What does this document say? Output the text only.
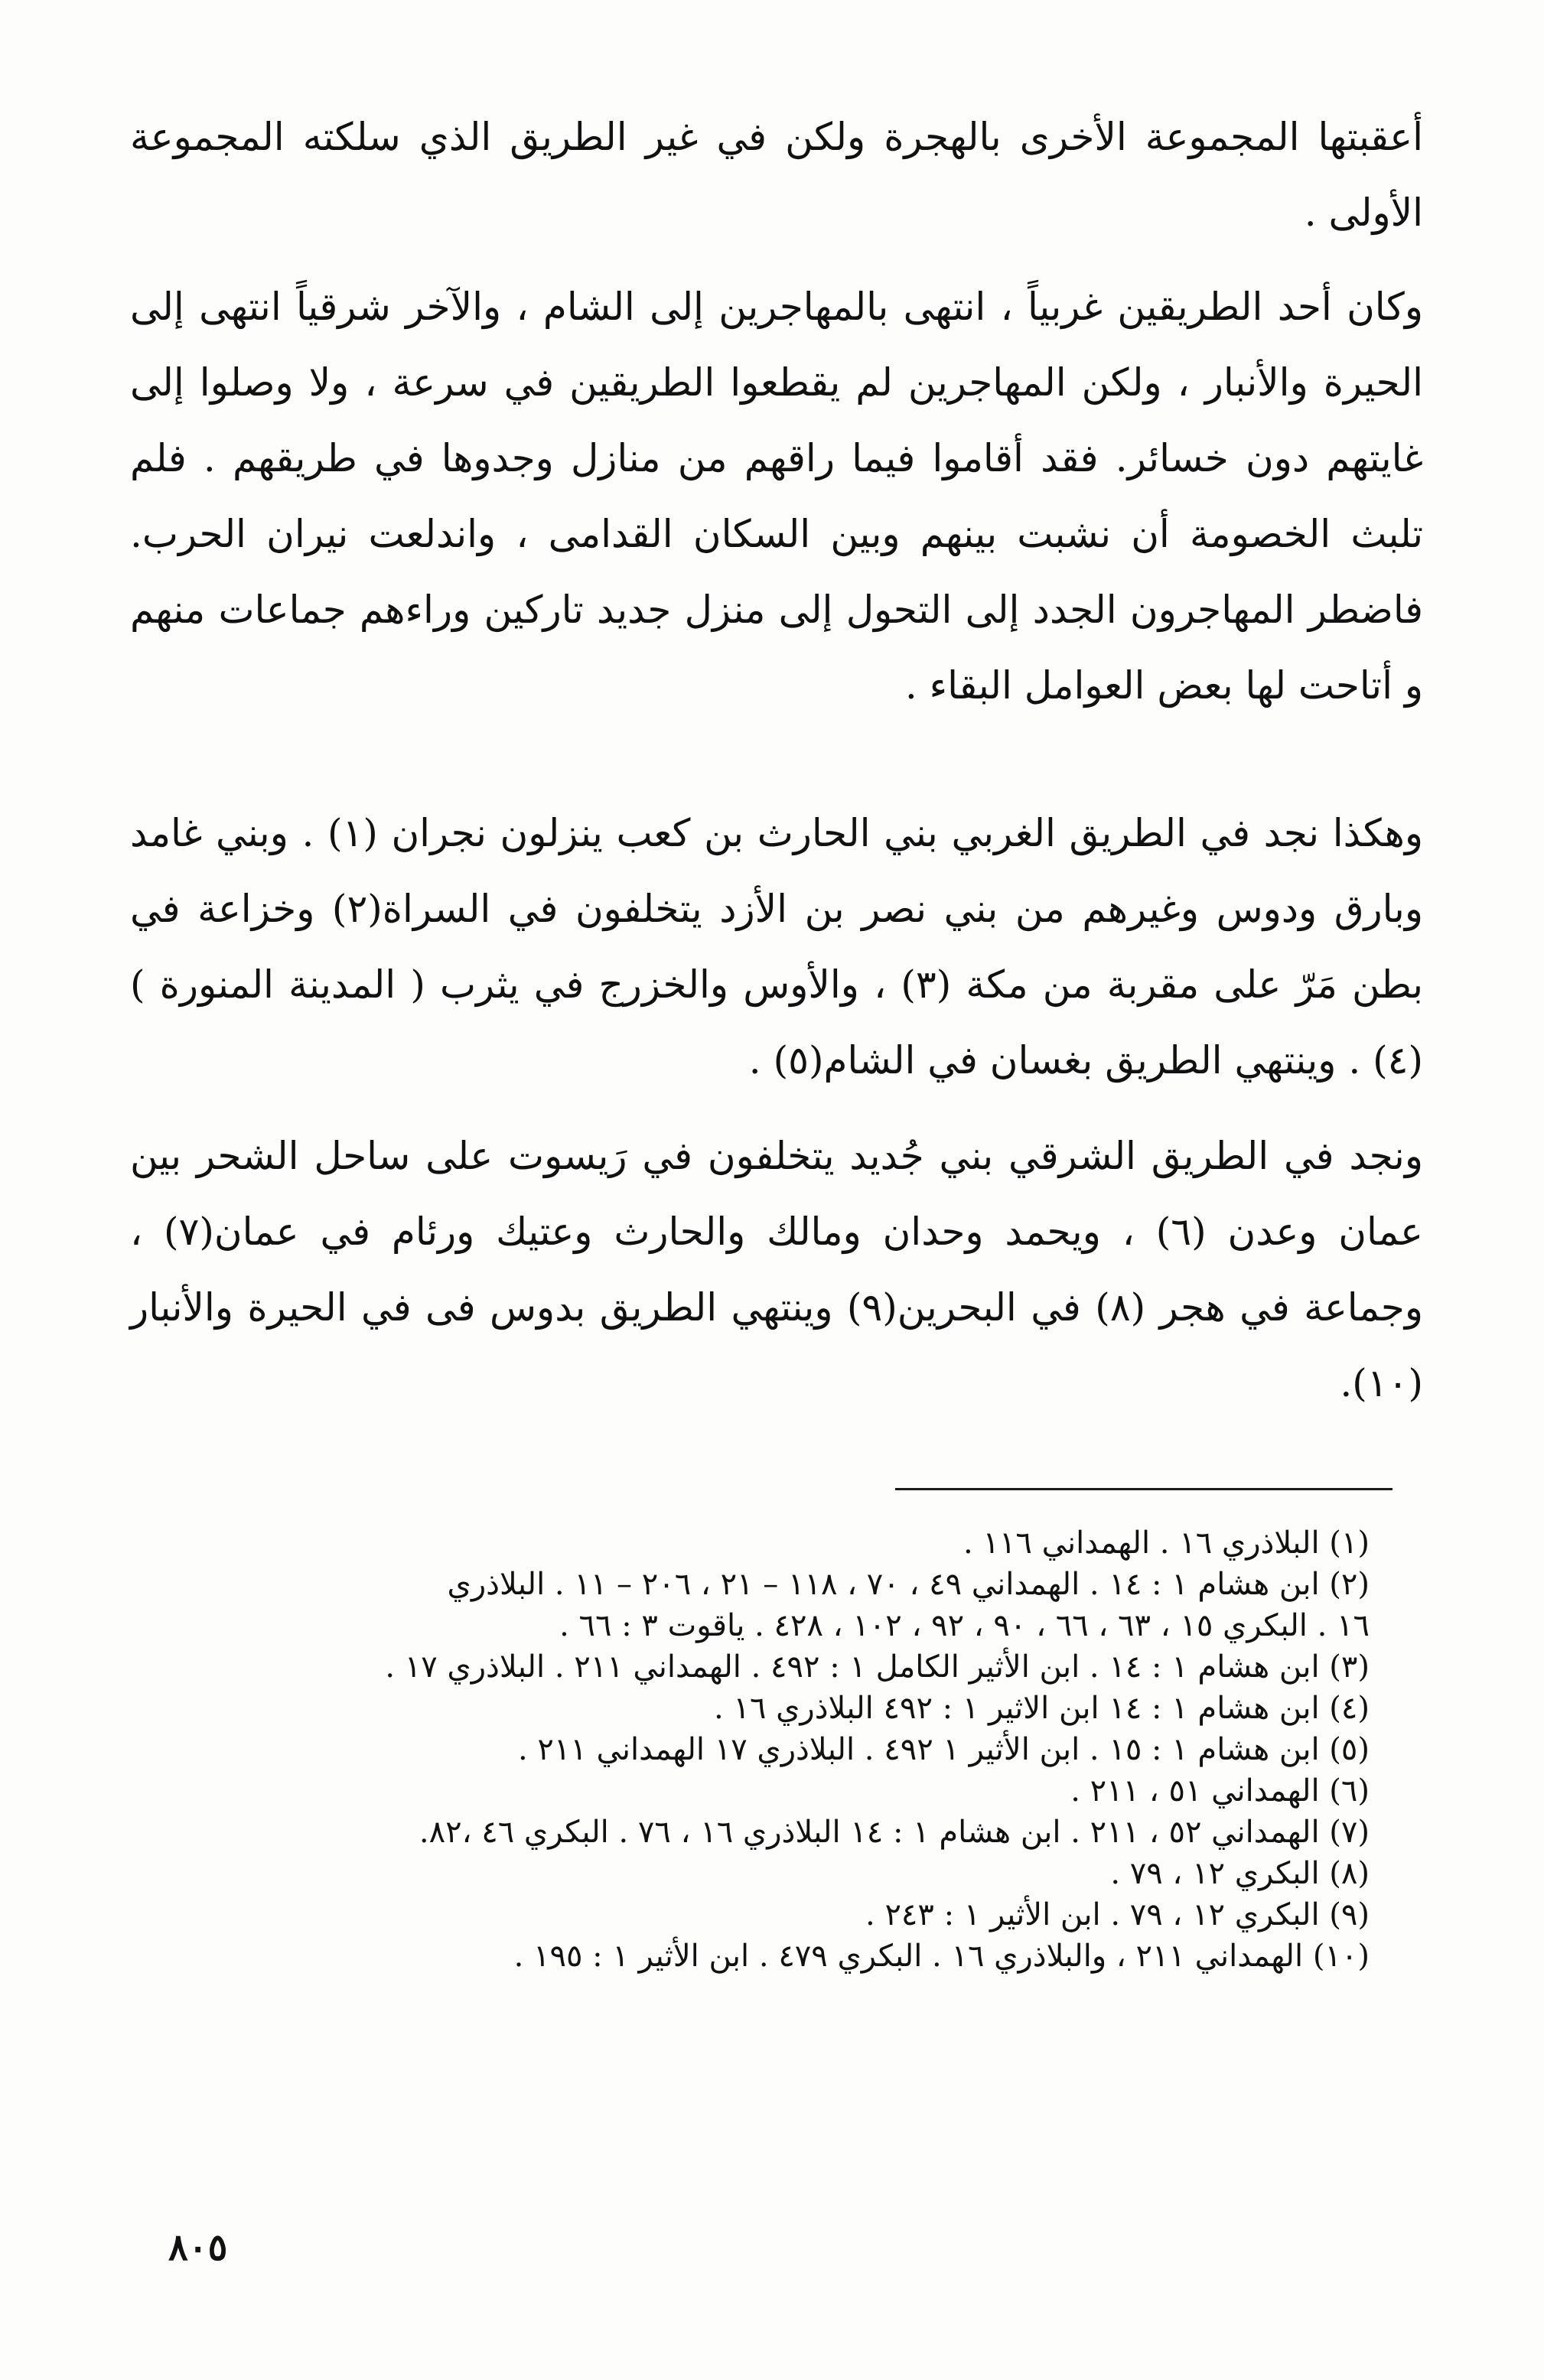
أعقبتها المجموعة الأخرى بالهجرة ولكن في غير الطريق الذي سلكته المجموعة الأولى .

وكان أحد الطريقين غربياً ، انتهى بالمهاجرين إلى الشام ، والآخر شرقياً انتهى إلى الحيرة والأنبار ، ولكن المهاجرين لم يقطعوا الطريقين في سرعة ، ولا وصلوا إلى غايتهم دون خسائر. فقد أقاموا فيما راقهم من منازل وجدوها في طريقهم . فلم تلبث الخصومة أن نشبت بينهم وبين السكان القدامى ، واندلعت نيران الحرب. فاضطر المهاجرون الجدد إلى التحول إلى منزل جديد تاركين وراءهم جماعات منهم و أتاحت لها بعض العوامل البقاء .

وهكذا نجد في الطريق الغربي بني الحارث بن كعب ينزلون نجران (١) . وبني غامد وبارق ودوس وغيرهم من بني نصر بن الأزد يتخلفون في السراة(٢) وخزاعة في بطن مَرّ على مقربة من مكة (٣) ، والأوس والخزرج في يثرب ( المدينة المنورة ) (٤) . وينتهي الطريق بغسان في الشام(٥) .

ونجد في الطريق الشرقي بني جُديد يتخلفون في رَيسوت على ساحل الشحر بين عمان وعدن (٦) ، ويحمد وحدان ومالك والحارث وعتيك ورئام في عمان(٧) ، وجماعة في هجر (٨) في البحرين(٩) وينتهي الطريق بدوس فى في الحيرة والأنبار (١٠).

(١) البلاذري ١٦ . الهمداني ١١٦ .
(٢) ابن هشام ١ : ١٤ . الهمداني ٤٩ ، ٧٠ ، ١١٨ – ٢١ ، ٢٠٦ – ١١ . البلاذري
١٦ . البكري ١٥ ، ٦٣ ، ٦٦ ، ٩٠ ، ٩٢ ، ١٠٢ ، ٤٢٨ . ياقوت ٣ : ٦٦ .
(٣) ابن هشام ١ : ١٤ . ابن الأثير الكامل ١ : ٤٩٢ . الهمداني ٢١١ . البلاذري ١٧ .
(٤) ابن هشام ١ : ١٤ ابن الاثير ١ : ٤٩٢ البلاذري ١٦ .
(٥) ابن هشام ١ : ١٥ . ابن الأثير ١ ٤٩٢ . البلاذري ١٧ الهمداني ٢١١ .
(٦) الهمداني ٥١ ، ٢١١ .
(٧) الهمداني ٥٢ ، ٢١١ . ابن هشام ١ : ١٤ البلاذري ١٦ ، ٧٦ . البكري ٤٦ ،٨٢.
(٨) البكري ١٢ ، ٧٩ .
(٩) البكري ١٢ ، ٧٩ . ابن الأثير ١ : ٢٤٣ .
(١٠) الهمداني ٢١١ ، والبلاذري ١٦ . البكري ٤٧٩ . ابن الأثير ١ : ١٩٥ .
٨٠٥
